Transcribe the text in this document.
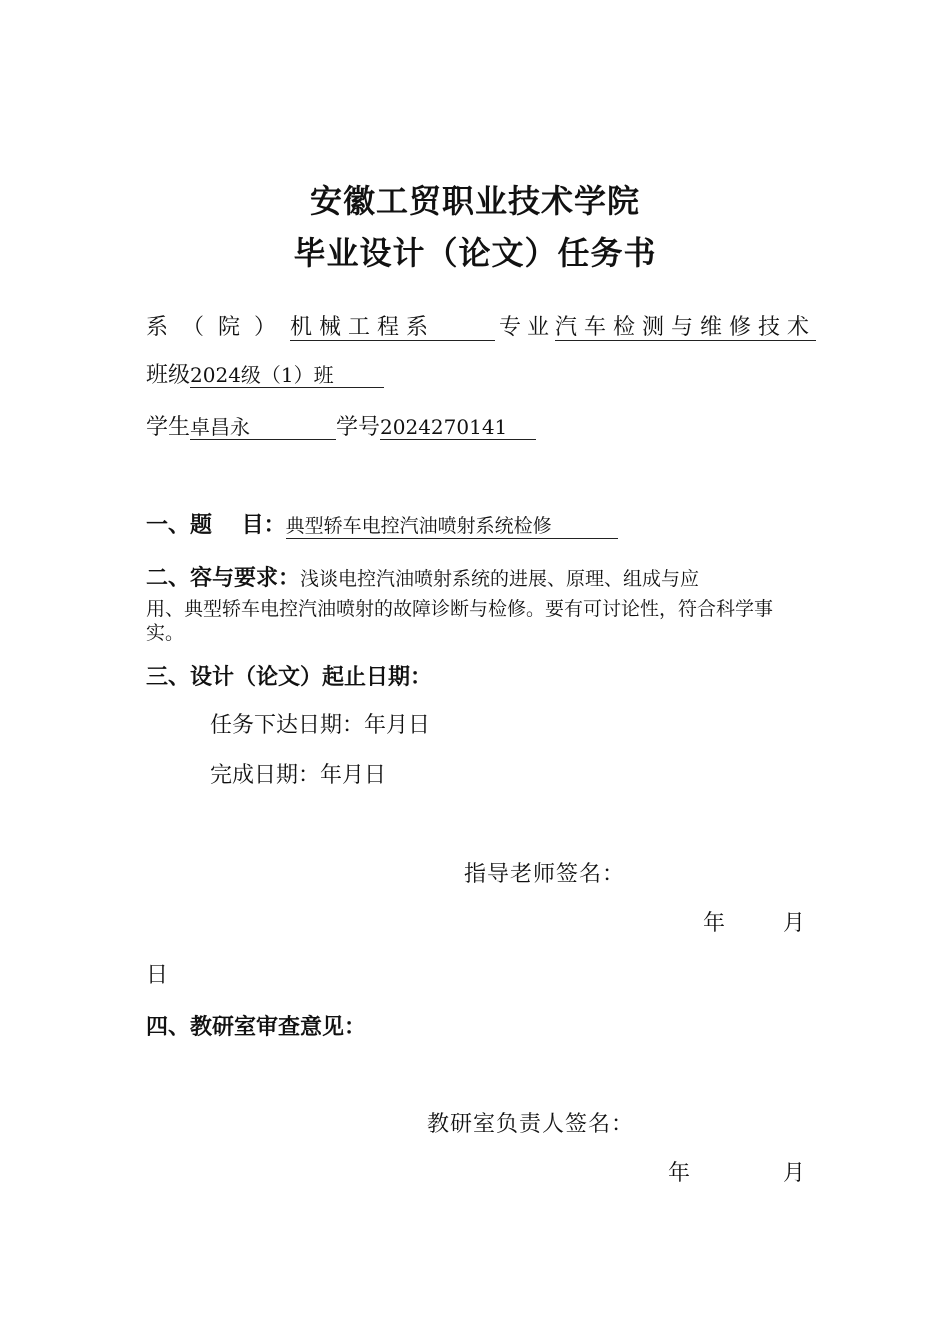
安徽工贸职业技术学院
毕业设计（论文）任务书
系（院）机械工程系	专业汽车检测与维修技术
班级2024级（1）班
学生卓昌永	学号2024270141
一、题　 目：典型轿车电控汽油喷射系统检修
二、容与要求：浅谈电控汽油喷射系统的进展、原理、组成与应
用、典型轿车电控汽油喷射的故障诊断与检修。要有可讨论性，符合科学事实。
三、设计（论文）起止日期：
任务下达日期：年月日
完成日期：年月日
指导老师签名：
年	月
日
四、教研室审查意见：
教研室负责人签名：
年	月
